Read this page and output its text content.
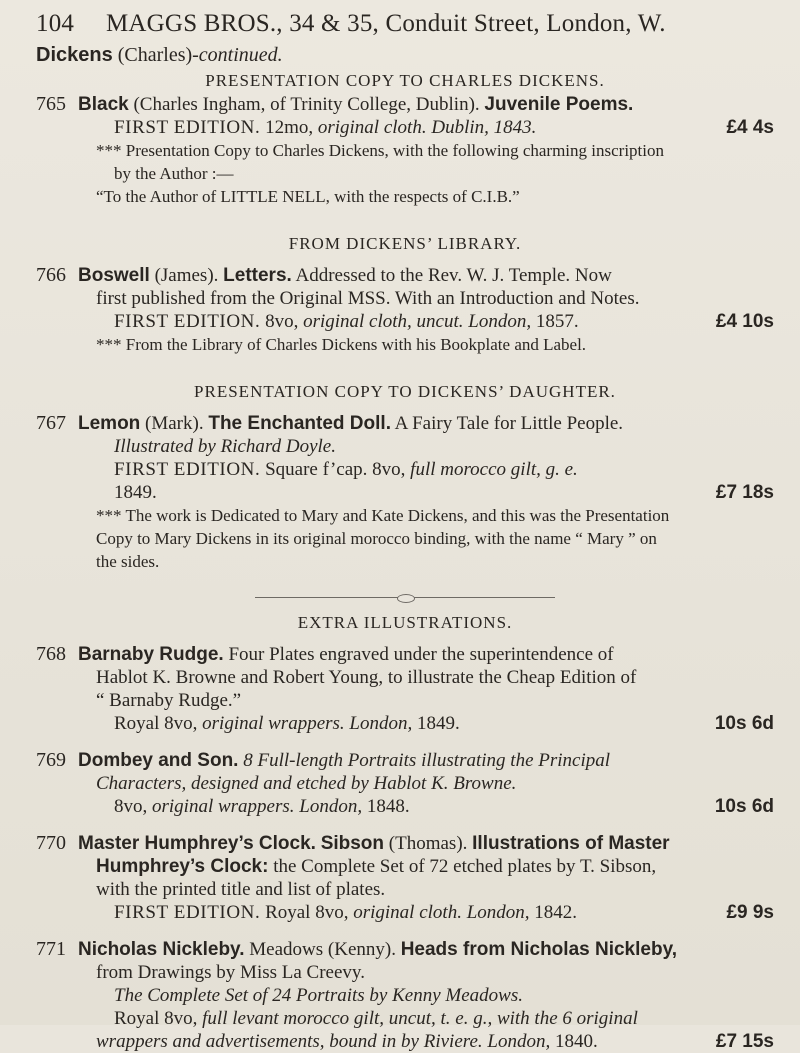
104	MAGGS BROS., 34 & 35, Conduit Street, London, W.
Dickens (Charles)-continued.
PRESENTATION COPY TO CHARLES DICKENS.
765 Black (Charles Ingham, of Trinity College, Dublin). Juvenile Poems.
FIRST EDITION. 12mo, original cloth. Dublin, 1843.	£4 4s
*** Presentation Copy to Charles Dickens, with the following charming inscription
by the Author :—
“To the Author of LITTLE NELL, with the respects of C.I.B.”
FROM DICKENS’ LIBRARY.
766 Boswell (James). Letters. Addressed to the Rev. W. J. Temple. Now
first published from the Original MSS. With an Introduction and Notes.
FIRST EDITION. 8vo, original cloth, uncut. London, 1857.	£4 10s
*** From the Library of Charles Dickens with his Bookplate and Label.
PRESENTATION COPY TO DICKENS’ DAUGHTER.
767 Lemon (Mark). The Enchanted Doll. A Fairy Tale for Little People.
Illustrated by Richard Doyle.
FIRST EDITION. Square f’cap. 8vo, full morocco gilt, g. e.
1849.	£7 18s
*** The work is Dedicated to Mary and Kate Dickens, and this was the Presentation
Copy to Mary Dickens in its original morocco binding, with the name “ Mary ” on
the sides.
EXTRA ILLUSTRATIONS.
768 Barnaby Rudge. Four Plates engraved under the superintendence of
Hablot K. Browne and Robert Young, to illustrate the Cheap Edition of
“ Barnaby Rudge.”
Royal 8vo, original wrappers. London, 1849.	10s 6d
769 Dombey and Son. 8 Full-length Portraits illustrating the Principal
Characters, designed and etched by Hablot K. Browne.
8vo, original wrappers. London, 1848.	10s 6d
770 Master Humphrey’s Clock. Sibson (Thomas). Illustrations of Master
Humphrey’s Clock: the Complete Set of 72 etched plates by T. Sibson,
with the printed title and list of plates.
FIRST EDITION. Royal 8vo, original cloth. London, 1842.	£9 9s
771 Nicholas Nickleby. Meadows (Kenny). Heads from Nicholas Nickleby,
from Drawings by Miss La Creevy.
The Complete Set of 24 Portraits by Kenny Meadows.
Royal 8vo, full levant morocco gilt, uncut, t. e. g., with the 6 original
wrappers and advertisements, bound in by Riviere. London, 1840.	£7 15s
